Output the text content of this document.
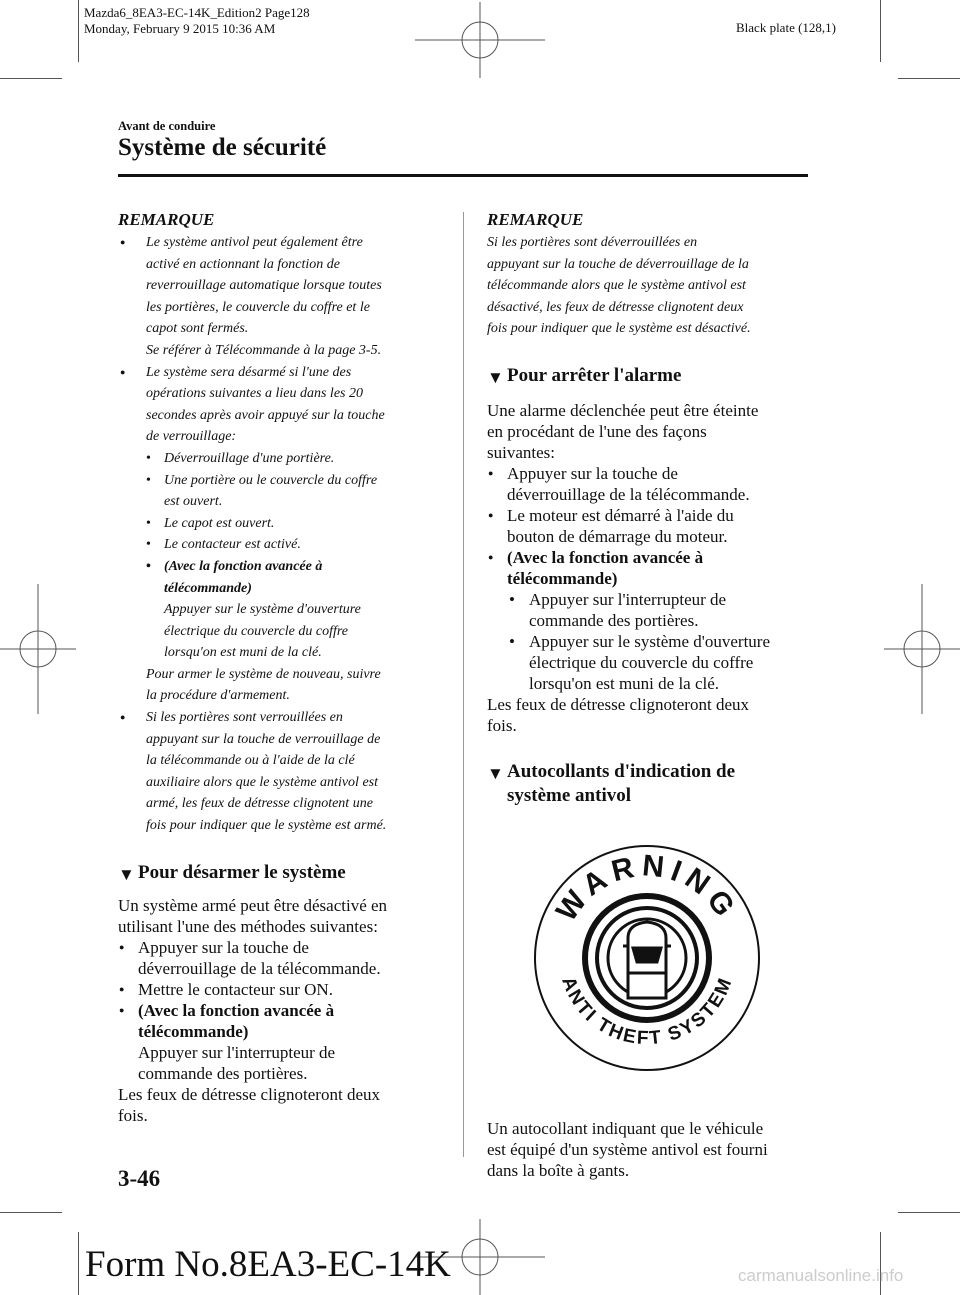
Mazda6_8EA3-EC-14K_Edition2 Page128
Monday, February 9 2015 10:36 AM	Black plate (128,1)
Avant de conduire
Système de sécurité
REMARQUE

● Le système antivol peut également être

activé en actionnant la fonction de

reverrouillage automatique lorsque toutes

les portières, le couvercle du coffre et le

capot sont fermés.

Se référer à Télécommande à la page 3-5.

● Le système sera désarmé si l'une des

opérations suivantes a lieu dans les 20

secondes après avoir appuyé sur la touche

de verrouillage:

• Déverrouillage d'une portière.

• Une portière ou le couvercle du coffre

est ouvert.

• Le capot est ouvert.

• Le contacteur est activé.

• (Avec la fonction avancée à

télécommande)

Appuyer sur le système d'ouverture

électrique du couvercle du coffre

lorsqu'on est muni de la clé.

Pour armer le système de nouveau, suivre

la procédure d'armement.

● Si les portières sont verrouillées en

appuyant sur la touche de verrouillage de

la télécommande ou à l'aide de la clé

auxiliaire alors que le système antivol est

armé, les feux de détresse clignotent une

fois pour indiquer que le système est armé.

▼ Pour désarmer le système

Un système armé peut être désactivé en

utilisant l'une des méthodes suivantes:

● Appuyer sur la touche de

déverrouillage de la télécommande.

● Mettre le contacteur sur ON.

● (Avec la fonction avancée à

télécommande)

Appuyer sur l'interrupteur de

commande des portières.

Les feux de détresse clignoteront deux

fois.

REMARQUE

Si les portières sont déverrouillées en

appuyant sur la touche de déverrouillage de la

télécommande alors que le système antivol est

désactivé, les feux de détresse clignotent deux

fois pour indiquer que le système est désactivé.

▼ Pour arrêter l'alarme

Une alarme déclenchée peut être éteinte

en procédant de l'une des façons

suivantes:

● Appuyer sur la touche de

déverrouillage de la télécommande.

● Le moteur est démarré à l'aide du

bouton de démarrage du moteur.

● (Avec la fonction avancée à

télécommande)

• Appuyer sur l'interrupteur de

commande des portières.

• Appuyer sur le système d'ouverture

électrique du couvercle du coffre

lorsqu'on est muni de la clé.

Les feux de détresse clignoteront deux

fois.

▼ Autocollants d'indication de
système antivol
WARNING
ANTI THEFT SYSTEM

Un autocollant indiquant que le véhicule

est équipé d'un système antivol est fourni

dans la boîte à gants.

3-46
Form No.8EA3-EC-14K	carmanualsonline.info
